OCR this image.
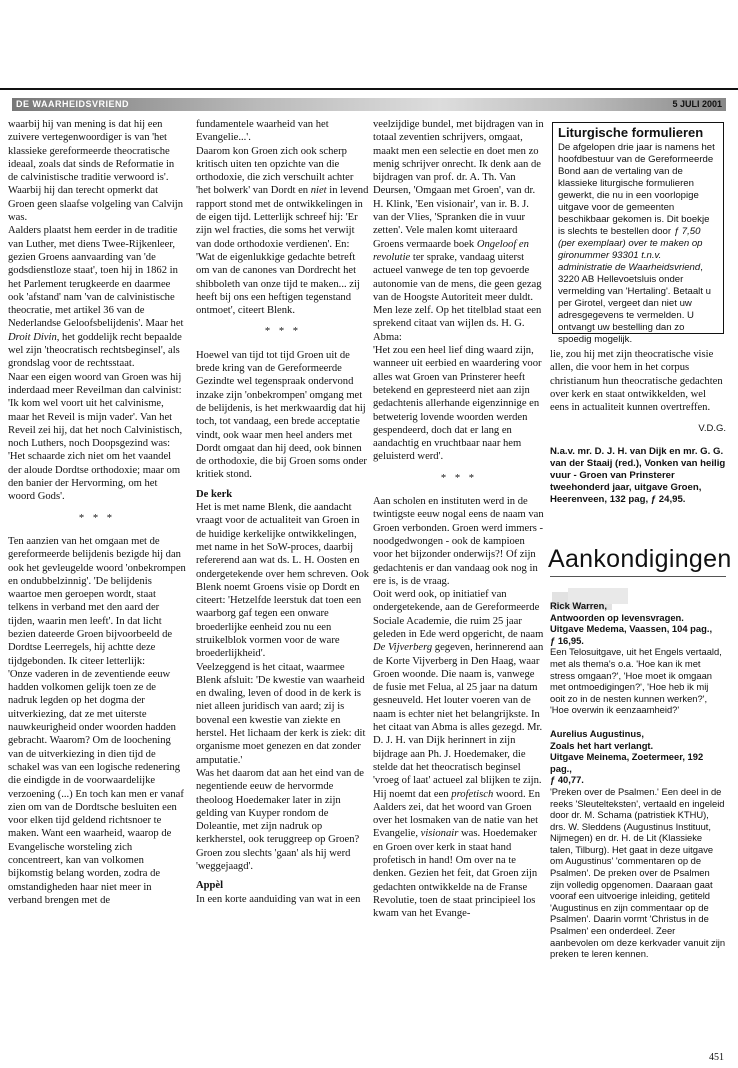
DE WAARHEIDSVRIEND	5 JULI 2001

waarbij hij van mening is dat hij een zuivere vertegenwoordiger is van 'het klassieke gereformeerde theocratische ideaal, zoals dat sinds de Reformatie in de calvinistische traditie verwoord is'. Waarbij hij dan terecht opmerkt dat Groen geen slaafse volgeling van Calvijn was.

Aalders plaatst hem eerder in de traditie van Luther, met diens Twee-Rijkenleer, gezien Groens aanvaarding van 'de godsdienstloze staat', toen hij in 1862 in het Parlement terugkeerde en daarmee ook 'afstand' nam 'van de calvinistische theocratie, met artikel 36 van de Nederlandse Geloofsbelijdenis'. Maar het Droit Divin, het goddelijk recht bepaalde wel zijn 'theocratisch rechtsbeginsel', als grondslag voor de rechtsstaat.

Naar een eigen woord van Groen was hij inderdaad meer Reveilman dan calvinist: 'Ik kom wel voort uit het calvinisme, maar het Reveil is mijn vader'. Van het Reveil zei hij, dat het noch Calvinistisch, noch Luthers, noch Doopsgezind was: 'Het schaarde zich niet om het vaandel der aloude Dordtse orthodoxie; maar om den banier der Hervorming, om het woord Gods'.

* * *

Ten aanzien van het omgaan met de gereformeerde belijdenis bezigde hij dan ook het gevleugelde woord 'onbekrompen en ondubbelzinnig'. 'De belijdenis waartoe men geroepen wordt, staat telkens in verband met den aard der tijden, waarin men leeft'. In dat licht bezien dateerde Groen bijvoorbeeld de Dordtse Leerregels, hij achtte deze tijdgebonden. Ik citeer letterlijk:

'Onze vaderen in de zeventiende eeuw hadden volkomen gelijk toen ze de nadruk legden op het dogma der uitverkiezing, dat ze met uiterste nauwkeurigheid onder woorden hadden gebracht. Waarom? Om de loochening van de uitverkiezing in dien tijd de schakel was van een logische redenering die eindigde in de voorwaardelijke verzoening (...) En toch kan men er vanaf zien om van de Dordtsche besluiten een voor elken tijd geldend richtsnoer te maken. Want een waarheid, waarop de Evangelische worsteling zich concentreert, kan van volkomen bijkomstig belang worden, zodra de omstandigheden haar niet meer in verband brengen met de

fundamentele waarheid van het Evangelie...'.

Daarom kon Groen zich ook scherp kritisch uiten ten opzichte van die orthodoxie, die zich verschuilt achter 'het bolwerk' van Dordt en niet in levend rapport stond met de ontwikkelingen in de eigen tijd. Letterlijk schreef hij: 'Er zijn wel fracties, die soms het verwijt van dode orthodoxie verdienen'. En: 'Wat de eigenlukkige gedachte betreft om van de canones van Dordrecht het shibboleth van onze tijd te maken... zij heeft bij ons een heftigen tegenstand ontmoet', citeert Blenk.

* * *

Hoewel van tijd tot tijd Groen uit de brede kring van de Gereformeerde Gezindte wel tegenspraak ondervond inzake zijn 'onbekrompen' omgang met de belijdenis, is het merkwaardig dat hij toch, tot vandaag, een brede acceptatie vindt, ook waar men heel anders met Dordt omgaat dan hij deed, ook binnen de orthodoxie, die bij Groen soms onder kritiek stond.

De kerk

Het is met name Blenk, die aandacht vraagt voor de actualiteit van Groen in de huidige kerkelijke ontwikkelingen, met name in het SoW-proces, daarbij refererend aan wat ds. L. H. Oosten en ondergetekende over hem schreven. Ook Blenk noemt Groens visie op Dordt en citeert: 'Hetzelfde leerstuk dat toen een waarborg gaf tegen een onware broederlijke eenheid zou nu een struikelblok vormen voor de ware broederlijkheid'.

Veelzeggend is het citaat, waarmee Blenk afsluit: 'De kwestie van waarheid en dwaling, leven of dood in de kerk is niet alleen juridisch van aard; zij is bovenal een kwestie van ziekte en herstel. Het lichaam der kerk is ziek: dit organisme moet genezen en dat zonder amputatie.'

Was het daarom dat aan het eind van de negentiende eeuw de hervormde theoloog Hoedemaker later in zijn gelding van Kuyper rondom de Doleantie, met zijn nadruk op kerkherstel, ook teruggreep op Groen? Groen zou slechts 'gaan' als hij werd 'weggejaagd'.

Appèl

In een korte aanduiding van wat in een

veelzijdige bundel, met bijdragen van in totaal zeventien schrijvers, omgaat, maakt men een selectie en doet men zo menig schrijver onrecht. Ik denk aan de bijdragen van prof. dr. A. Th. Van Deursen, 'Omgaan met Groen', van dr. H. Klink, 'Een visionair', van ir. B. J. van der Vlies, 'Spranken die in vuur zetten'. Vele malen komt uiteraard Groens vermaarde boek Ongeloof en revolutie ter sprake, vandaag uiterst actueel vanwege de ten top gevoerde autonomie van de mens, die geen gezag van de Hoogste Autoriteit meer duldt.

Men leze zelf. Op het titelblad staat een sprekend citaat van wijlen ds. H. G. Abma:

'Het zou een heel lief ding waard zijn, wanneer uit eerbied en waardering voor alles wat Groen van Prinsterer heeft betekend en gepresteerd niet aan zijn gedachtenis allerhande eigenzinnige en betweterig lovende woorden werden gespendeerd, doch dat er lang en aandachtig en vruchtbaar naar hem geluisterd werd'.

* * *

Aan scholen en instituten werd in de twintigste eeuw nogal eens de naam van Groen verbonden. Groen werd immers - noodgedwongen - ook de kampioen voor het bijzonder onderwijs?! Of zijn gedachtenis er dan vandaag ook nog in ere is, is de vraag.

Ooit werd ook, op initiatief van ondergetekende, aan de Gereformeerde Sociale Academie, die ruim 25 jaar geleden in Ede werd opgericht, de naam De Vijverberg gegeven, herinnerend aan de Korte Vijverberg in Den Haag, waar Groen woonde. Die naam is, vanwege de fusie met Felua, al 25 jaar na datum gesneuveld. Het louter voeren van de naam is echter niet het belangrijkste. In het citaat van Abma is alles gezegd. Mr. D. J. H. van Dijk herinnert in zijn bijdrage aan Ph. J. Hoedemaker, die stelde dat het theocratisch beginsel 'vroeg of laat' actueel zal blijken te zijn. Hij noemt dat een profetisch woord. En Aalders zei, dat het woord van Groen over het losmaken van de natie van het Evangelie, visionair was. Hoedemaker en Groen over kerk in staat hand profetisch in hand! Om over na te denken. Gezien het feit, dat Groen zijn gedachten ontwikkelde na de Franse Revolutie, toen de staat principieel los kwam van het Evange-

Liturgische formulieren

De afgelopen drie jaar is namens het hoofdbestuur van de Gereformeerde Bond aan de vertaling van de klassieke liturgische formulieren gewerkt, die nu in een voorlopige uitgave voor de gemeenten beschikbaar gekomen is. Dit boekje is slechts te bestellen door ƒ 7,50 (per exemplaar) over te maken op gironummer 93301 t.n.v. administratie de Waarheidsvriend, 3220 AB Hellevoetsluis onder vermelding van 'Hertaling'. Betaalt u per Girotel, vergeet dan niet uw adresgegevens te vermelden. U ontvangt uw bestelling dan zo spoedig mogelijk.

lie, zou hij met zijn theocratische visie allen, die voor hem in het corpus christianum hun theocratische gedachten over kerk en staat ontwikkelden, wel eens in actualiteit kunnen overtreffen.

V.D.G.

N.a.v. mr. D. J. H. van Dijk en mr. G. G. van der Staaij (red.), Vonken van heilig vuur - Groen van Prinsterer tweehonderd jaar, uitgave Groen, Heerenveen, 132 pag, ƒ 24,95.

Aankondigingen

Rick Warren,

Antwoorden op levensvragen.

Uitgave Medema, Vaassen, 104 pag.,

ƒ 16,95.

Een Telosuitgave, uit het Engels vertaald, met als thema's o.a. 'Hoe kan ik met stress omgaan?', 'Hoe moet ik omgaan met ontmoedigingen?', 'Hoe heb ik mij ooit zo in de nesten kunnen werken?', 'Hoe overwin ik eenzaamheid?'

Aurelius Augustinus,

Zoals het hart verlangt.

Uitgave Meinema, Zoetermeer, 192 pag.,

ƒ 40,77.

'Preken over de Psalmen.' Een deel in de reeks 'Sleutelteksten', vertaald en ingeleid door dr. M. Schama (patristiek KTHU), drs. W. Sleddens (Augustinus Instituut, Nijmegen) en dr. H. de Lit (Klassieke talen, Tilburg). Het gaat in deze uitgave om Augustinus' 'commentaren op de Psalmen'. De preken over de Psalmen zijn volledig opgenomen. Daaraan gaat vooraf een uitvoerige inleiding, getiteld 'Augustinus en zijn commentaar op de Psalmen'. Daarin vormt 'Christus in de Psalmen' een onderdeel. Zeer aanbevolen om deze kerkvader vanuit zijn preken te leren kennen.

451
